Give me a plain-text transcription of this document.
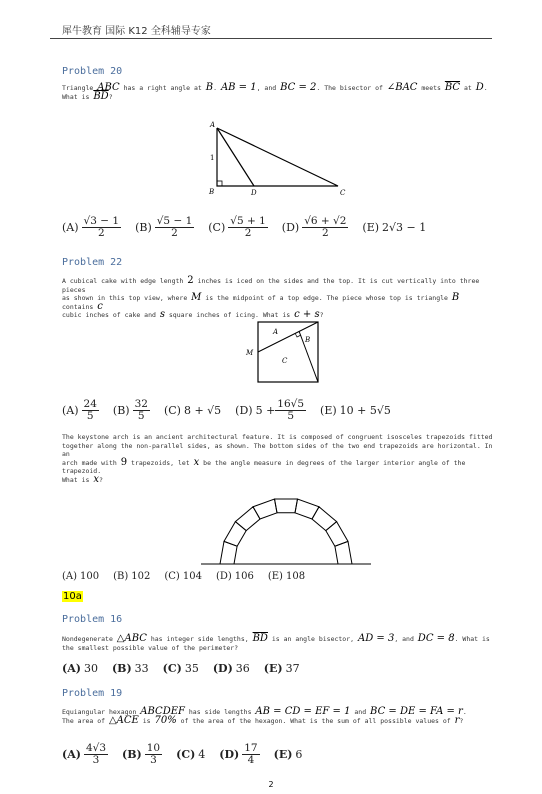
犀牛教育 国际 K12 全科辅导专家
Problem 20
Triangle ABC has a right angle at B. AB = 1, and BC = 2. The bisector of ∠BAC meets $\overline{BC}$ at D.
What is $\overline{BD}$?
A
B	D	C
1
$(A) \frac{√3 - 1}{2} (B) \frac{√5 - 1}{2} (C) \frac{√5 + 1}{2} (D) \frac{√6 + √2}{2} (E) 2√3 - 1$
Problem 22
A cubical cake with edge length 2 inches is iced on the sides and the top. It is cut vertically into three pieces
as shown in this top view, where M is the midpoint of a top edge. The piece whose top is triangle B contains c
cubic inches of cake and s square inches of icing. What is c + s?
M
A
B
C
$(A) \frac{24}{5} (B) \frac{32}{5} (C) 8 + √5$ (D) $5 + \frac{16√5}{5} (E) 10 + 5√5$
The keystone arch is an ancient architectural feature. It is composed of congruent isosceles trapezoids fitted
together along the non-parallel sides, as shown. The bottom sides of the two end trapezoids are horizontal. In an
arch made with 9 trapezoids, let x be the angle measure in degrees of the larger interior angle of the trapezoid.
What is x?
(A) 100 (B) 102 (C) 104 (D) 106 (E) 108
10a
Problem 16
Nondegenerate △ABC has integer side lengths, $\overline{BD}$ is an angle bisector, AD = 3, and DC = 8. What is
the smallest possible value of the perimeter?
(A) 30 (B) 33 (C) 35 (D) 36 (E) 37
Problem 19
Equiangular hexagon ABCDEF has side lengths AB = CD = EF = 1 and BC = DE = FA = r.
The area of △ACE is 70% of the area of the hexagon. What is the sum of all possible values of r?
$(A) \frac{4√3}{3} (B) \frac{10}{3} (C)$ 4 $(D) \frac{17}{4} (E)$ 6
2
